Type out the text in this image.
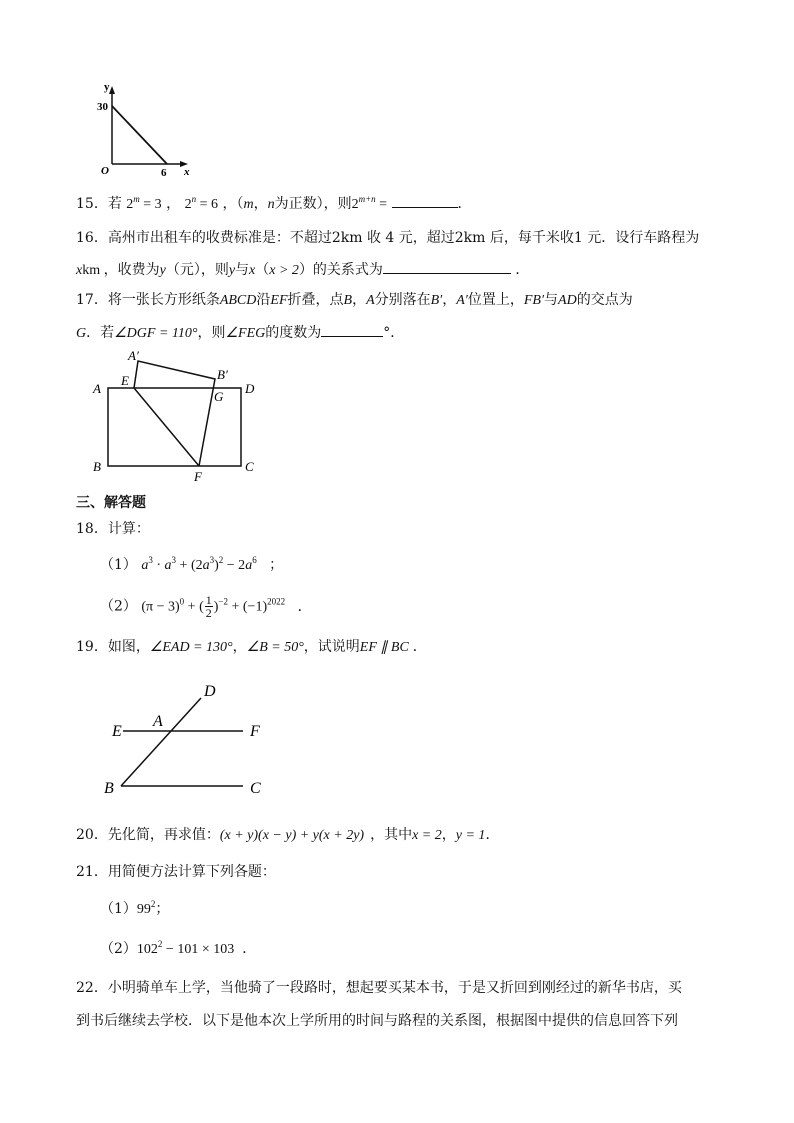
y
30
O	6 x
15．若 $2^m = 3$ ， $2^n = 6$ ，（m，n为正数），则$2^{m+n}$ =	．
16．高州市出租车的收费标准是：不超过2km 收 4 元，超过2km 后，每千米收1 元．设行车路程为
xkm ，收费为y（元），则y与x（x > 2）的关系式为	．
17．将一张长方形纸条ABCD沿EF折叠，点B，A分别落在B′，A′位置上，FB′与AD的交点为
G．若∠DGF = 110°，则∠FEG的度数为	°．
A′
E	B′
A
G
D
B
F
C
三、解答题
18．计算：
（1） $a^3 \cdot a^3 + (2a^3)^2 - 2a^6$ ；
（2） $(\pi - 3)^0$ + ( $\frac{1}{2} )^{-2} + (-1)^{2022}$ ．
19．如图，∠EAD = 130°，∠B = 50°，试说明EF ∥ BC ．
D
E
A
F
B	C
20．先化简，再求值：(x + y)(x − y) + y(x + 2y) ，其中x = 2，y = 1．
21．用简便方法计算下列各题：
$(1)99^2$；
$(2)102^2 - 101 \times 103$ ．
22．小明骑单车上学，当他骑了一段路时，想起要买某本书，于是又折回到刚经过的新华书店，买
到书后继续去学校．以下是他本次上学所用的时间与路程的关系图，根据图中提供的信息回答下列
